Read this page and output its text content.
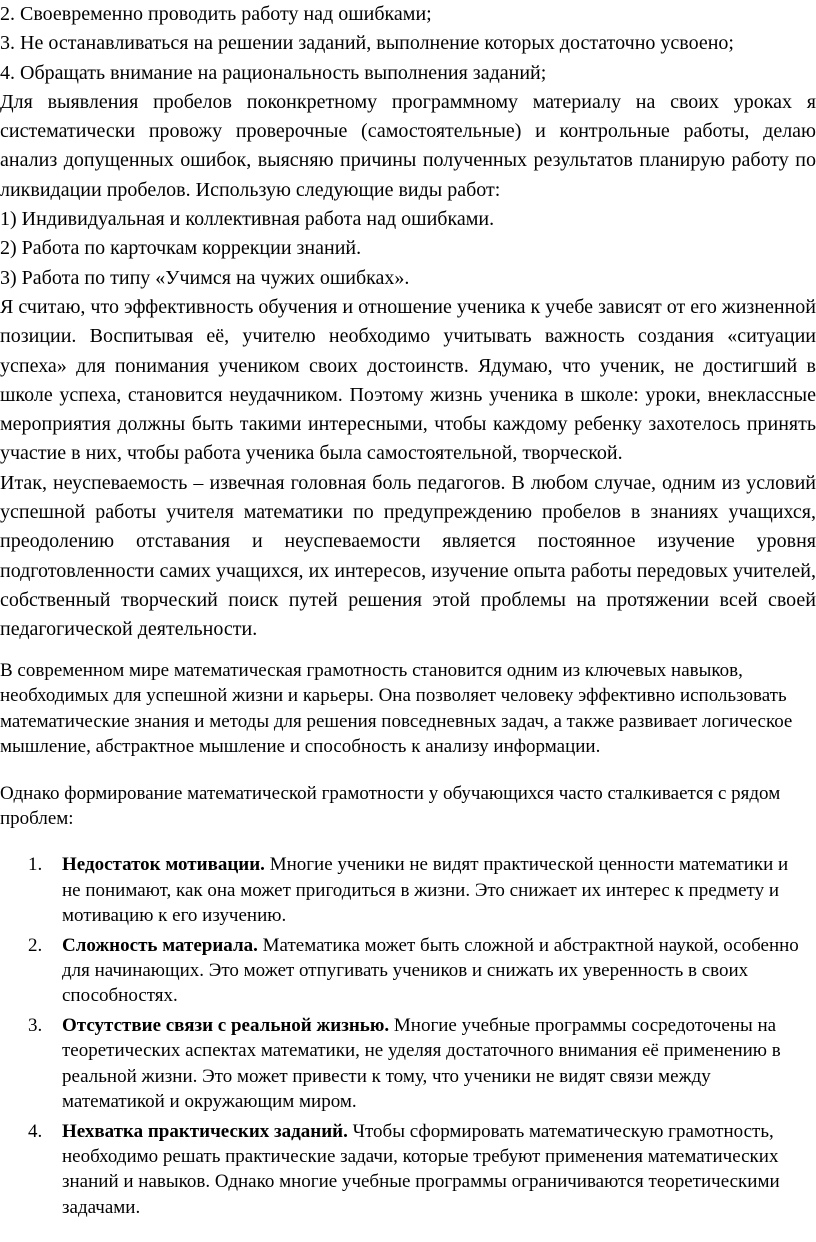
2. Своевременно проводить работу над ошибками;
3. Не останавливаться на решении заданий, выполнение которых достаточно усвоено;
4. Обращать внимание на рациональность выполнения заданий;

Для выявления пробелов поконкретному программному материалу на своих уроках я систематически провожу проверочные (самостоятельные) и контрольные работы, делаю анализ допущенных ошибок, выясняю причины полученных результатов планирую работу по ликвидации пробелов. Использую следующие виды работ:

1) Индивидуальная и коллективная работа над ошибками.
2) Работа по карточкам коррекции знаний.
3) Работа по типу «Учимся на чужих ошибках».

Я считаю, что эффективность обучения и отношение ученика к учебе зависят от его жизненной позиции. Воспитывая её, учителю необходимо учитывать важность создания «ситуации успеха» для понимания учеником своих достоинств. Ядумаю, что ученик, не достигший в школе успеха, становится неудачником. Поэтому жизнь ученика в школе: уроки, внеклассные мероприятия должны быть такими интересными, чтобы каждому ребенку захотелось принять участие в них, чтобы работа ученика была самостоятельной, творческой.

Итак, неуспеваемость – извечная головная боль педагогов. В любом случае, одним из условий успешной работы учителя математики по предупреждению пробелов в знаниях учащихся, преодолению отставания и неуспеваемости является постоянное изучение уровня подготовленности самих учащихся, их интересов, изучение опыта работы передовых учителей, собственный творческий поиск путей решения этой проблемы на протяжении всей своей педагогической деятельности.

В современном мире математическая грамотность становится одним из ключевых навыков, необходимых для успешной жизни и карьеры. Она позволяет человеку эффективно использовать математические знания и методы для решения повседневных задач, а также развивает логическое мышление, абстрактное мышление и способность к анализу информации.

Однако формирование математической грамотности у обучающихся часто сталкивается с рядом проблем:

1. Недостаток мотивации. Многие ученики не видят практической ценности математики и не понимают, как она может пригодиться в жизни. Это снижает их интерес к предмету и мотивацию к его изучению.
2. Сложность материала. Математика может быть сложной и абстрактной наукой, особенно для начинающих. Это может отпугивать учеников и снижать их уверенность в своих способностях.
3. Отсутствие связи с реальной жизнью. Многие учебные программы сосредоточены на теоретических аспектах математики, не уделяя достаточного внимания её применению в реальной жизни. Это может привести к тому, что ученики не видят связи между математикой и окружающим миром.
4. Нехватка практических заданий. Чтобы сформировать математическую грамотность, необходимо решать практические задачи, которые требуют применения математических знаний и навыков. Однако многие учебные программы ограничиваются теоретическими задачами.
